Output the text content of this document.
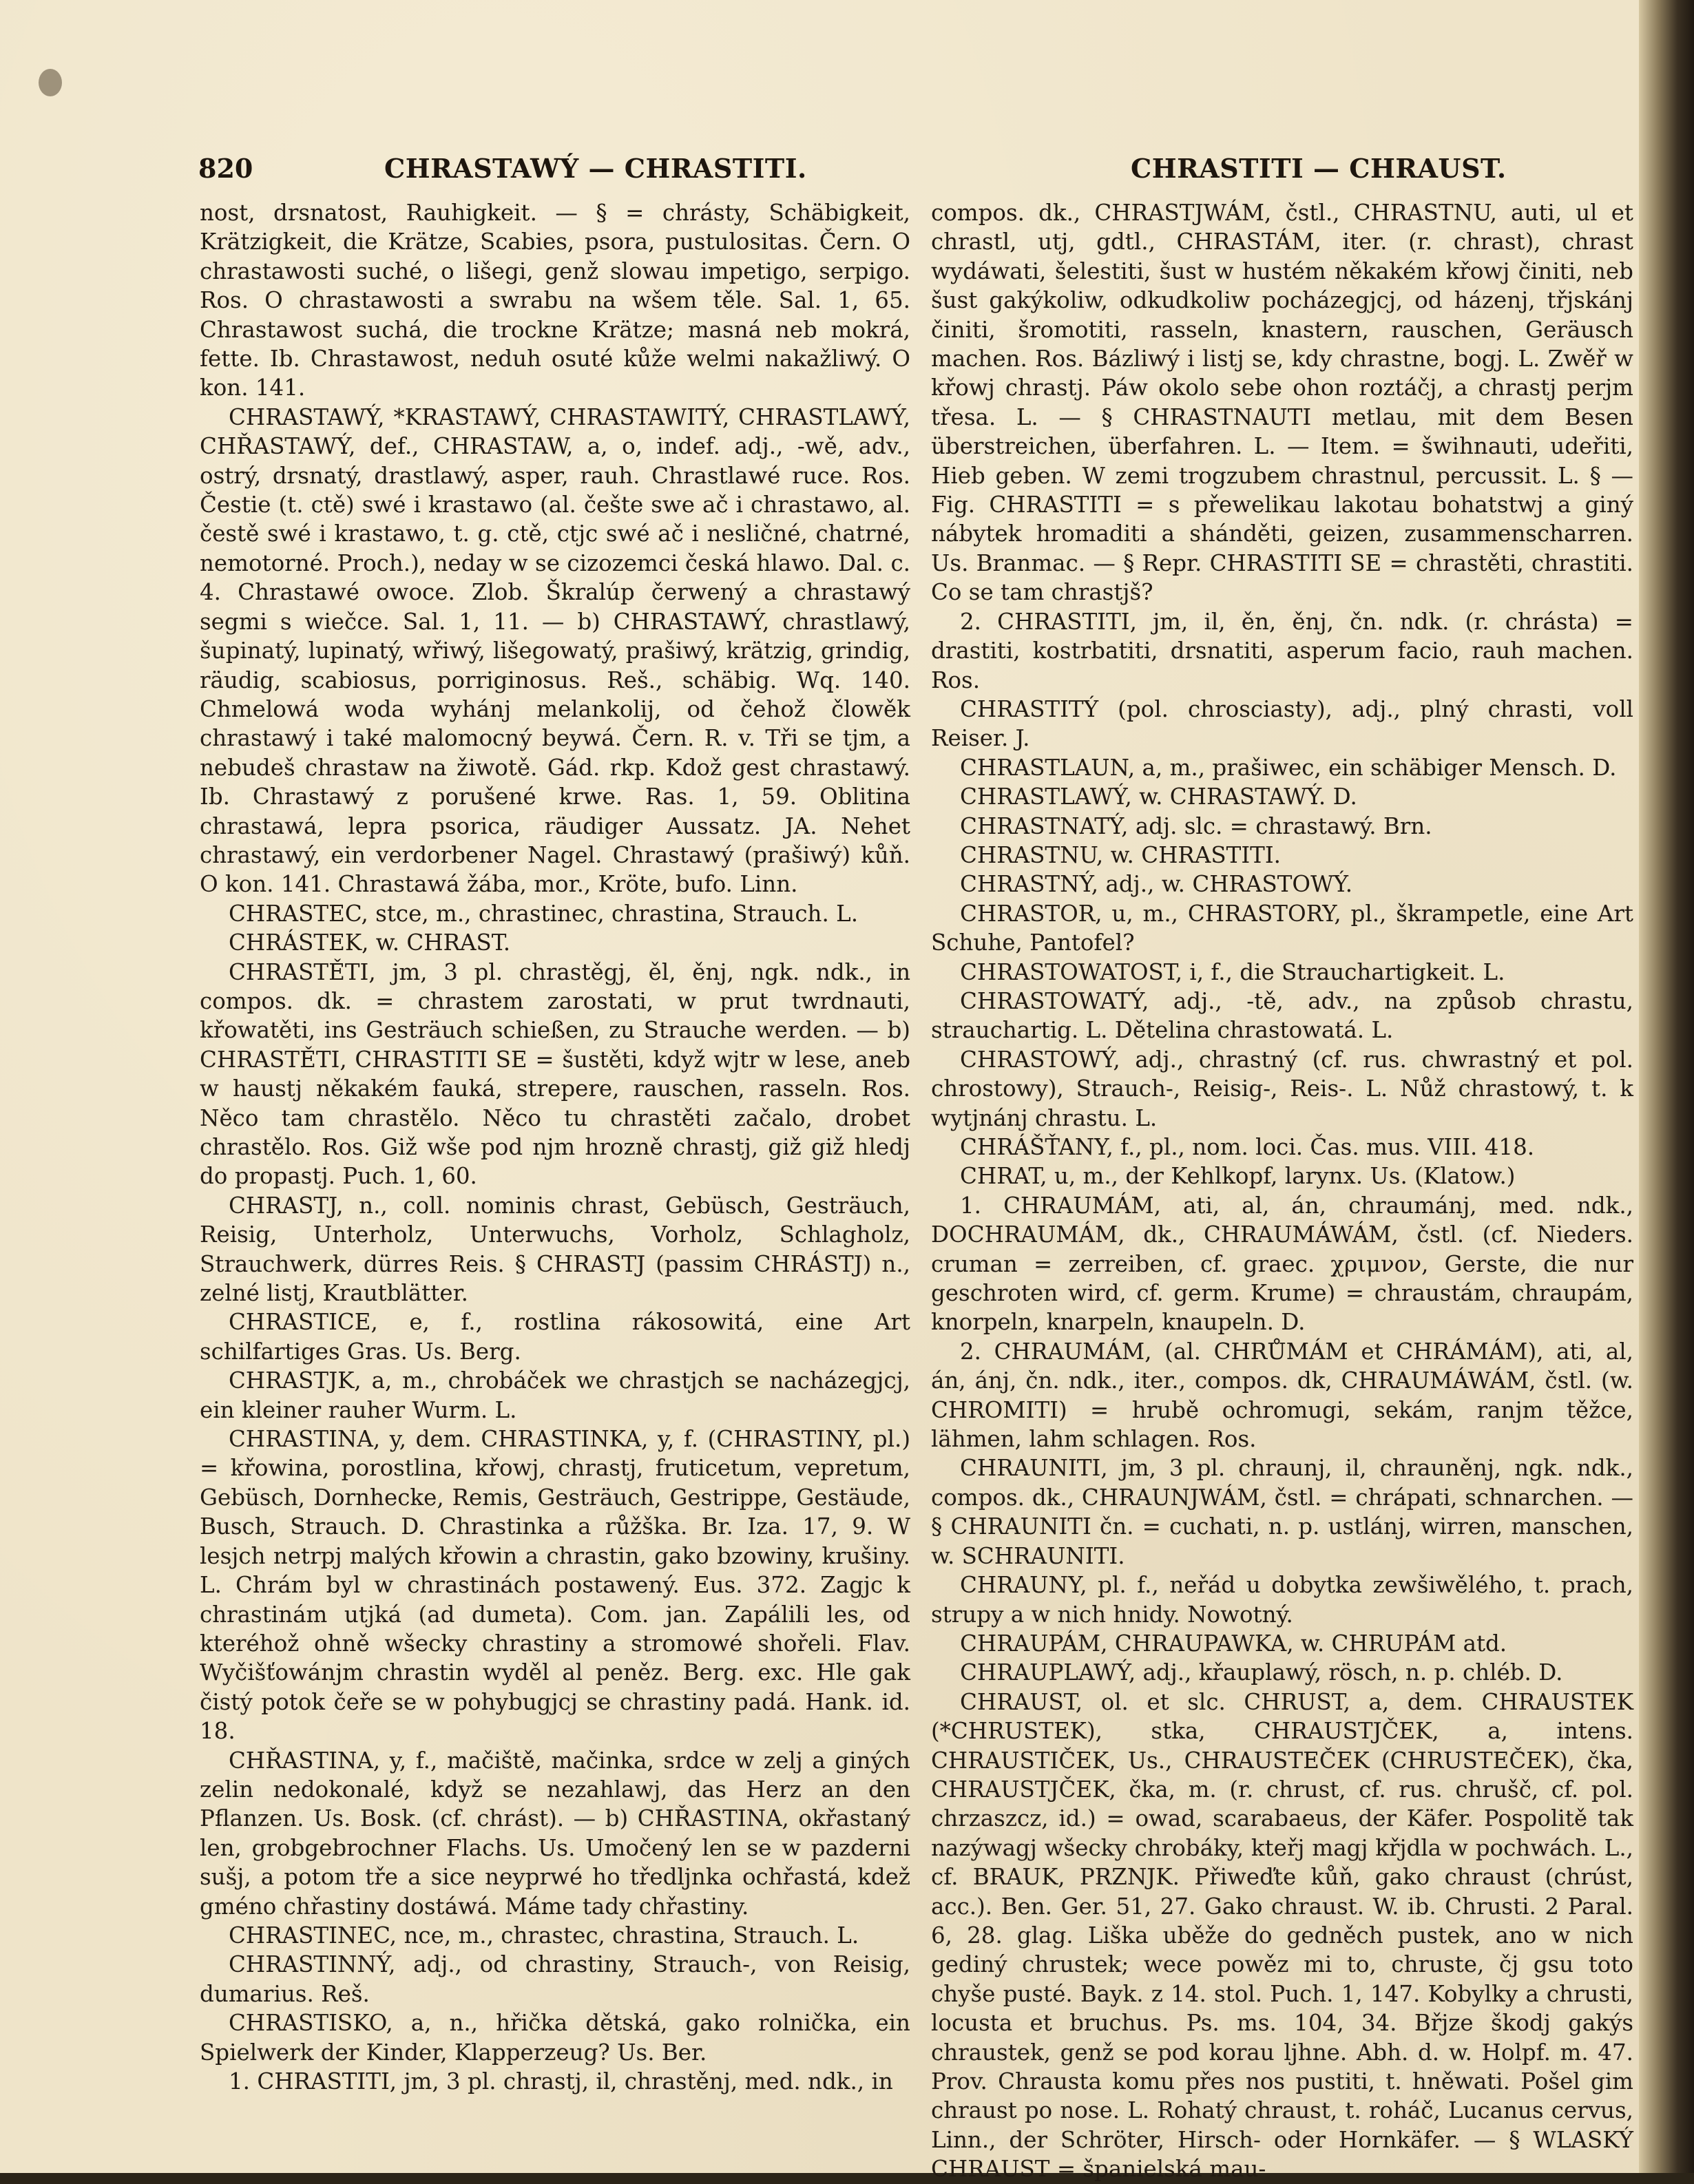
820	CHRASTAWÝ — CHRASTITI.	CHRASTITI — CHRAUST.

nost, drsnatost, Rauhigkeit. — § = chrásty, Schäbigkeit, Krätzigkeit, die Krätze, Scabies, psora, pustulositas. Čern. O chrastawosti suché, o lišegi, genž slowau impetigo, serpigo. Ros. O chrastawosti a swrabu na wšem těle. Sal. 1, 65. Chrastawost suchá, die trockne Krätze; masná neb mokrá, fette. Ib. Chrastawost, neduh osuté kůže welmi nakažliwý. O kon. 141.

CHRASTAWÝ, *KRASTAWÝ, CHRASTAWITÝ, CHRASTLAWÝ, CHŘASTAWÝ, def., CHRASTAW, a, o, indef. adj., -wě, adv., ostrý, drsnatý, drastlawý, asper, rauh. Chrastlawé ruce. Ros. Čestie (t. ctě) swé i krastawo (al. češte swe ač i chrastawo, al. čestě swé i krastawo, t. g. ctě, ctjc swé ač i nesličné, chatrné, nemotorné. Proch.), neday w se cizozemci česká hlawo. Dal. c. 4. Chrastawé owoce. Zlob. Škralúp čerwený a chrastawý segmi s wiečce. Sal. 1, 11. — b) CHRASTAWÝ, chrastlawý, šupinatý, lupinatý, wřiwý, lišegowatý, prašiwý, krätzig, grindig, räudig, scabiosus, porriginosus. Reš., schäbig. Wq. 140. Chmelowá woda wyhánj melankolij, od čehož člowěk chrastawý i také malomocný beywá. Čern. R. v. Tři se tjm, a nebudeš chrastaw na žiwotě. Gád. rkp. Kdož gest chrastawý. Ib. Chrastawý z porušené krwe. Ras. 1, 59. Oblitina chrastawá, lepra psorica, räudiger Aussatz. JA. Nehet chrastawý, ein verdorbener Nagel. Chrastawý (prašiwý) kůň. O kon. 141. Chrastawá žába, mor., Kröte, bufo. Linn.

CHRASTEC, stce, m., chrastinec, chrastina, Strauch. L.

CHRÁSTEK, w. CHRAST.

CHRASTĚTI, jm, 3 pl. chrastěgj, ěl, ěnj, ngk. ndk., in compos. dk. = chrastem zarostati, w prut twrdnauti, křowatěti, ins Gesträuch schießen, zu Strauche werden. — b) CHRASTĚTI, CHRASTITI SE = šustěti, když wjtr w lese, aneb w haustj někakém fauká, strepere, rauschen, rasseln. Ros. Něco tam chrastělo. Něco tu chrastěti začalo, drobet chrastělo. Ros. Giž wše pod njm hrozně chrastj, giž giž hledj do propastj. Puch. 1, 60.

CHRASTJ, n., coll. nominis chrast, Gebüsch, Gesträuch, Reisig, Unterholz, Unterwuchs, Vorholz, Schlagholz, Strauchwerk, dürres Reis. § CHRASTJ (passim CHRÁSTJ) n., zelné listj, Krautblätter.

CHRASTICE, e, f., rostlina rákosowitá, eine Art schilfartiges Gras. Us. Berg.

CHRASTJK, a, m., chrobáček we chrastjch se nacházegjcj, ein kleiner rauher Wurm. L.

CHRASTINA, y, dem. CHRASTINKA, y, f. (CHRASTINY, pl.) = křowina, porostlina, křowj, chrastj, fruticetum, vepretum, Gebüsch, Dornhecke, Remis, Gesträuch, Gestrippe, Gestäude, Busch, Strauch. D. Chrastinka a růžška. Br. Iza. 17, 9. W lesjch netrpj malých křowin a chrastin, gako bzowiny, krušiny. L. Chrám byl w chrastinách postawený. Eus. 372. Zagjc k chrastinám utjká (ad dumeta). Com. jan. Zapálili les, od kteréhož ohně wšecky chrastiny a stromowé shořeli. Flav. Wyčišťowánjm chrastin wyděl al peněz. Berg. exc. Hle gak čistý potok čeře se w pohybugjcj se chrastiny padá. Hank. id. 18.

CHŘASTINA, y, f., mačiště, mačinka, srdce w zelj a giných zelin nedokonalé, když se nezahlawj, das Herz an den Pflanzen. Us. Bosk. (cf. chrást). — b) CHŘASTINA, okřastaný len, grobgebrochner Flachs. Us. Umočený len se w pazderni sušj, a potom tře a sice neyprwé ho tředljnka ochřastá, kdež gméno chřastiny dostáwá. Máme tady chřastiny.

CHRASTINEC, nce, m., chrastec, chrastina, Strauch. L.

CHRASTINNÝ, adj., od chrastiny, Strauch-, von Reisig, dumarius. Reš.

CHRASTISKO, a, n., hřička dětská, gako rolnička, ein Spielwerk der Kinder, Klapperzeug? Us. Ber.

1. CHRASTITI, jm, 3 pl. chrastj, il, chrastěnj, med. ndk., in

compos. dk., CHRASTJWÁM, čstl., CHRASTNU, auti, ul et chrastl, utj, gdtl., CHRASTÁM, iter. (r. chrast), chrast wydáwati, šelestiti, šust w hustém někakém křowj činiti, neb šust gakýkoliw, odkudkoliw pocházegjcj, od házenj, třjskánj činiti, šromotiti, rasseln, knastern, rauschen, Geräusch machen. Ros. Bázliwý i listj se, kdy chrastne, bogj. L. Zwěř w křowj chrastj. Páw okolo sebe ohon roztáčj, a chrastj perjm třesa. L. — § CHRASTNAUTI metlau, mit dem Besen überstreichen, überfahren. L. — Item. = šwihnauti, udeřiti, Hieb geben. W zemi trogzubem chrastnul, percussit. L. § — Fig. CHRASTITI = s přewelikau lakotau bohatstwj a giný nábytek hromaditi a shánděti, geizen, zusammenscharren. Us. Branmac. — § Repr. CHRASTITI SE = chrastěti, chrastiti. Co se tam chrastjš?

2. CHRASTITI, jm, il, ěn, ěnj, čn. ndk. (r. chrásta) = drastiti, kostrbatiti, drsnatiti, asperum facio, rauh machen. Ros.

CHRASTITÝ (pol. chrosciasty), adj., plný chrasti, voll Reiser. J.

CHRASTLAUN, a, m., prašiwec, ein schäbiger Mensch. D.

CHRASTLAWÝ, w. CHRASTAWÝ. D.

CHRASTNATÝ, adj. slc. = chrastawý. Brn.

CHRASTNU, w. CHRASTITI.

CHRASTNÝ, adj., w. CHRASTOWÝ.

CHRASTOR, u, m., CHRASTORY, pl., škrampetle, eine Art Schuhe, Pantofel?

CHRASTOWATOST, i, f., die Strauchartigkeit. L.

CHRASTOWATÝ, adj., -tě, adv., na způsob chrastu, strauchartig. L. Dětelina chrastowatá. L.

CHRASTOWÝ, adj., chrastný (cf. rus. chwrastný et pol. chrostowy), Strauch-, Reisig-, Reis-. L. Nůž chrastowý, t. k wytjnánj chrastu. L.

CHRÁŠŤANY, f., pl., nom. loci. Čas. mus. VIII. 418.

CHRAT, u, m., der Kehlkopf, larynx. Us. (Klatow.)

1. CHRAUMÁM, ati, al, án, chraumánj, med. ndk., DOCHRAUMÁM, dk., CHRAUMÁWÁM, čstl. (cf. Nieders. cruman = zerreiben, cf. graec. χριμνον, Gerste, die nur geschroten wird, cf. germ. Krume) = chraustám, chraupám, knorpeln, knarpeln, knaupeln. D.

2. CHRAUMÁM, (al. CHRŮMÁM et CHRÁMÁM), ati, al, án, ánj, čn. ndk., iter., compos. dk, CHRAUMÁWÁM, čstl. (w. CHROMITI) = hrubě ochromugi, sekám, ranjm těžce, lähmen, lahm schlagen. Ros.

CHRAUNITI, jm, 3 pl. chraunj, il, chrauněnj, ngk. ndk., compos. dk., CHRAUNJWÁM, čstl. = chrápati, schnarchen. — § CHRAUNITI čn. = cuchati, n. p. ustlánj, wirren, manschen, w. SCHRAUNITI.

CHRAUNY, pl. f., neřád u dobytka zewšiwělého, t. prach, strupy a w nich hnidy. Nowotný.

CHRAUPÁM, CHRAUPAWKA, w. CHRUPÁM atd.

CHRAUPLAWÝ, adj., křauplawý, rösch, n. p. chléb. D.

CHRAUST, ol. et slc. CHRUST, a, dem. CHRAUSTEK (*CHRUSTEK), stka, CHRAUSTJČEK, a, intens. CHRAUSTIČEK, Us., CHRAUSTEČEK (CHRUSTEČEK), čka, CHRAUSTJČEK, čka, m. (r. chrust, cf. rus. chrušč, cf. pol. chrzaszcz, id.) = owad, scarabaeus, der Käfer. Pospolitě tak nazýwagj wšecky chrobáky, kteřj magj křjdla w pochwách. L., cf. BRAUK, PRZNJK. Přiweďte kůň, gako chraust (chrúst, acc.). Ben. Ger. 51, 27. Gako chraust. W. ib. Chrusti. 2 Paral. 6, 28. glag. Liška uběže do gedněch pustek, ano w nich gediný chrustek; wece powěz mi to, chruste, čj gsu toto chyše pusté. Bayk. z 14. stol. Puch. 1, 147. Kobylky a chrusti, locusta et bruchus. Ps. ms. 104, 34. Břjze škodj gakýs chraustek, genž se pod korau ljhne. Abh. d. w. Holpf. m. 47. Prov. Chrausta komu přes nos pustiti, t. hněwati. Pošel gim chraust po nose. L. Rohatý chraust, t. roháč, Lucanus cervus, Linn., der Schröter, Hirsch- oder Hornkäfer. — § WLASKÝ CHRAUST = španielská mau-
